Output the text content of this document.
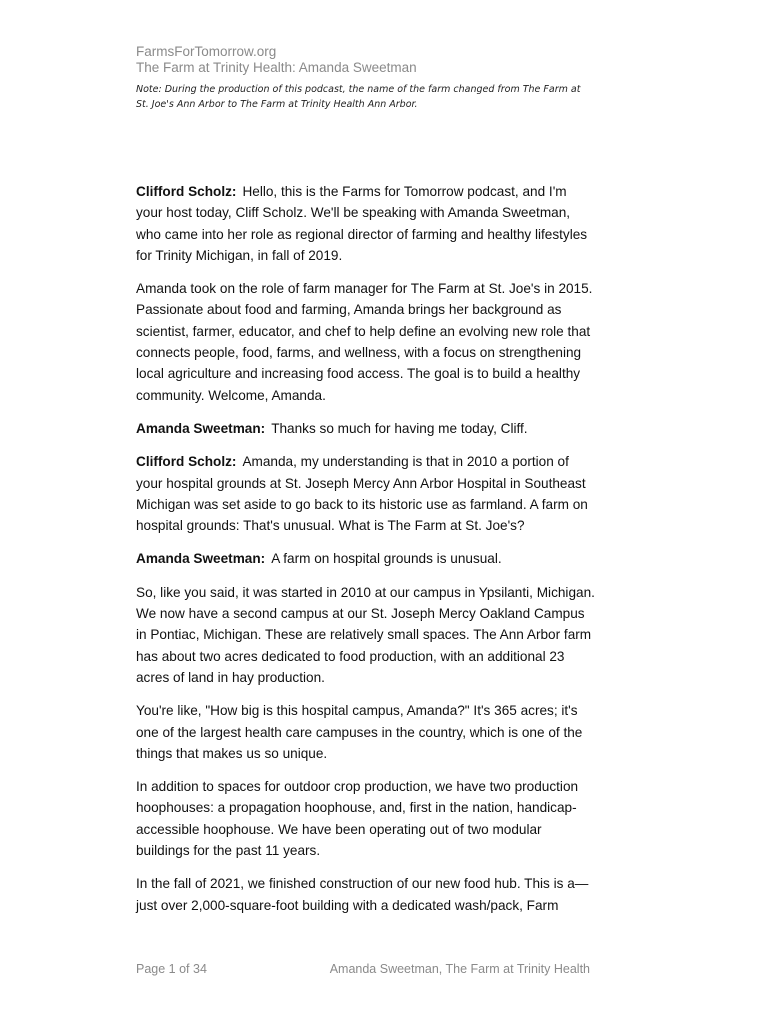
FarmsForTomorrow.org

The Farm at Trinity Health: Amanda Sweetman

Note: During the production of this podcast, the name of the farm changed from The Farm at St. Joe's Ann Arbor to The Farm at Trinity Health Ann Arbor.

Clifford Scholz: Hello, this is the Farms for Tomorrow podcast, and I'm your host today, Cliff Scholz. We'll be speaking with Amanda Sweetman, who came into her role as regional director of farming and healthy lifestyles for Trinity Michigan, in fall of 2019.

Amanda took on the role of farm manager for The Farm at St. Joe's in 2015. Passionate about food and farming, Amanda brings her background as scientist, farmer, educator, and chef to help define an evolving new role that connects people, food, farms, and wellness, with a focus on strengthening local agriculture and increasing food access. The goal is to build a healthy community. Welcome, Amanda.

Amanda Sweetman: Thanks so much for having me today, Cliff.

Clifford Scholz: Amanda, my understanding is that in 2010 a portion of your hospital grounds at St. Joseph Mercy Ann Arbor Hospital in Southeast Michigan was set aside to go back to its historic use as farmland. A farm on hospital grounds: That's unusual. What is The Farm at St. Joe's?

Amanda Sweetman: A farm on hospital grounds is unusual.

So, like you said, it was started in 2010 at our campus in Ypsilanti, Michigan. We now have a second campus at our St. Joseph Mercy Oakland Campus in Pontiac, Michigan. These are relatively small spaces. The Ann Arbor farm has about two acres dedicated to food production, with an additional 23 acres of land in hay production.

You're like, "How big is this hospital campus, Amanda?" It's 365 acres; it's one of the largest health care campuses in the country, which is one of the things that makes us so unique.

In addition to spaces for outdoor crop production, we have two production hoophouses: a propagation hoophouse, and, first in the nation, handicap-accessible hoophouse. We have been operating out of two modular buildings for the past 11 years.

In the fall of 2021, we finished construction of our new food hub. This is a—just over 2,000-square-foot building with a dedicated wash/pack, Farm

Page 1 of 34	Amanda Sweetman, The Farm at Trinity Health
